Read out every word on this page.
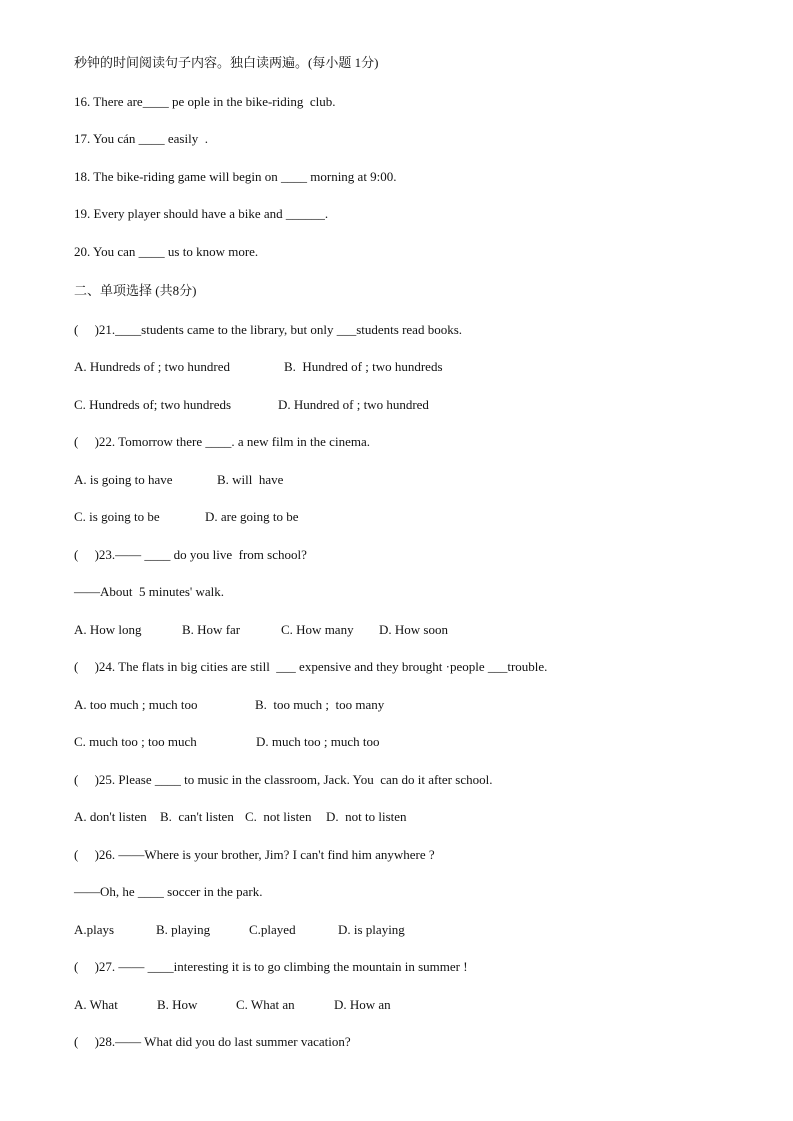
秒钟的时间阅读句子内容。独白读两遍。(每小题 1分)
16. There are____ pe ople in the bike-riding  club.
17. You cán ____ easily  .
18. The bike-riding game will begin on ____ morning at 9:00.
19. Every player should have a bike and ______.
20. You can ____ us to know more.
二、单项选择 (共8分)
(     )21.____students came to the library, but only ___students read books.
A. Hundreds of ; two hundred	B.  Hundred of ; two hundreds
C. Hundreds of; two hundreds	D. Hundred of ; two hundred
(     )22. Tomorrow there ____. a new film in the cinema.
A. is going to have	B. will  have
C. is going to be	D. are going to be
(     )23.—— ____ do you live  from school?
——About  5 minutes' walk.
A. How long	B. How far	C. How many D. How soon
(     )24. The flats in big cities are still  ___ expensive and they brought ·people ___trouble.
A. too much ; much too	B.  too much ;  too many
C. much too ; too much	D. much too ; much too
(     )25. Please ____ to music in the classroom, Jack. You  can do it after school.
A. don't listen B.  can't listen C.  not listen D.  not to listen
(     )26. ——Where is your brother, Jim? I can't find him anywhere ?
——Oh, he ____ soccer in the park.
A.plays	B. playing	C.played	D. is playing
(     )27. —— ____interesting it is to go climbing the mountain in summer !
A. What	B. How	C. What an	D. How an
(     )28.—— What did you do last summer vacation?
